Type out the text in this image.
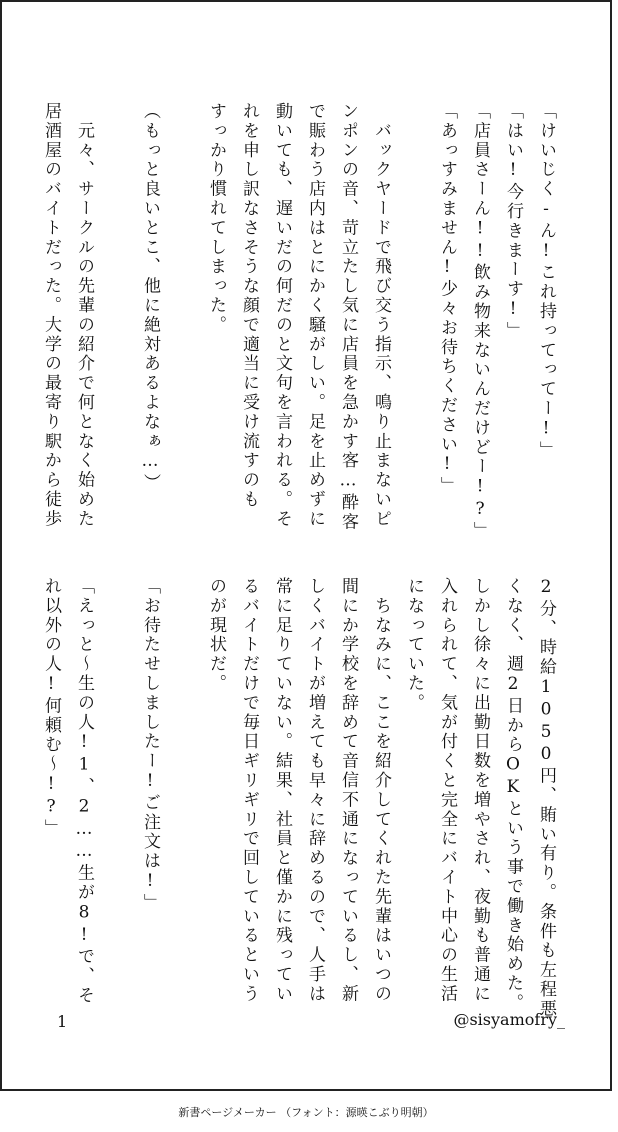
「けいじく-ん!これ持ってってー!」
「はい!今行きまーす!」
「店員さーん!!飲み物来ないんだけどー!?」
「あっすみません!少々お待ちください!」

　バックヤードで飛び交う指示、鳴り止まないピ
ンポンの音、苛立たし気に店員を急かす客…酔客
で賑わう店内はとにかく騒がしい。足を止めずに
動いても、遅いだの何だのと文句を言われる。そ
れを申し訳なさそうな顔で適当に受け流すのも
すっかり慣れてしまった。

（もっと良いとこ、他に絶対あるよなぁ…）

　元々、サークルの先輩の紹介で何となく始めた
居酒屋のバイトだった。大学の最寄り駅から徒歩
2分、時給1050円、賄い有り。条件も左程悪
くなく、週2日からOKという事で働き始めた。
しかし徐々に出勤日数を増やされ、夜勤も普通に
入れられて、気が付くと完全にバイト中心の生活
になっていた。
　ちなみに、ここを紹介してくれた先輩はいつの
間にか学校を辞めて音信不通になっているし、新
しくバイトが増えても早々に辞めるので、人手は
常に足りていない。結果、社員と僅かに残ってい
るバイトだけで毎日ギリギリで回しているという
のが現状だ。

「お待たせしましたー!ご注文は!」

「えっと〜生の人!1、2……生が8!で、そ
れ以外の人!何頼む〜!?」
1	@sisyamofry_
新書ページメーカー （フォント：源暎こぶり明朝）
